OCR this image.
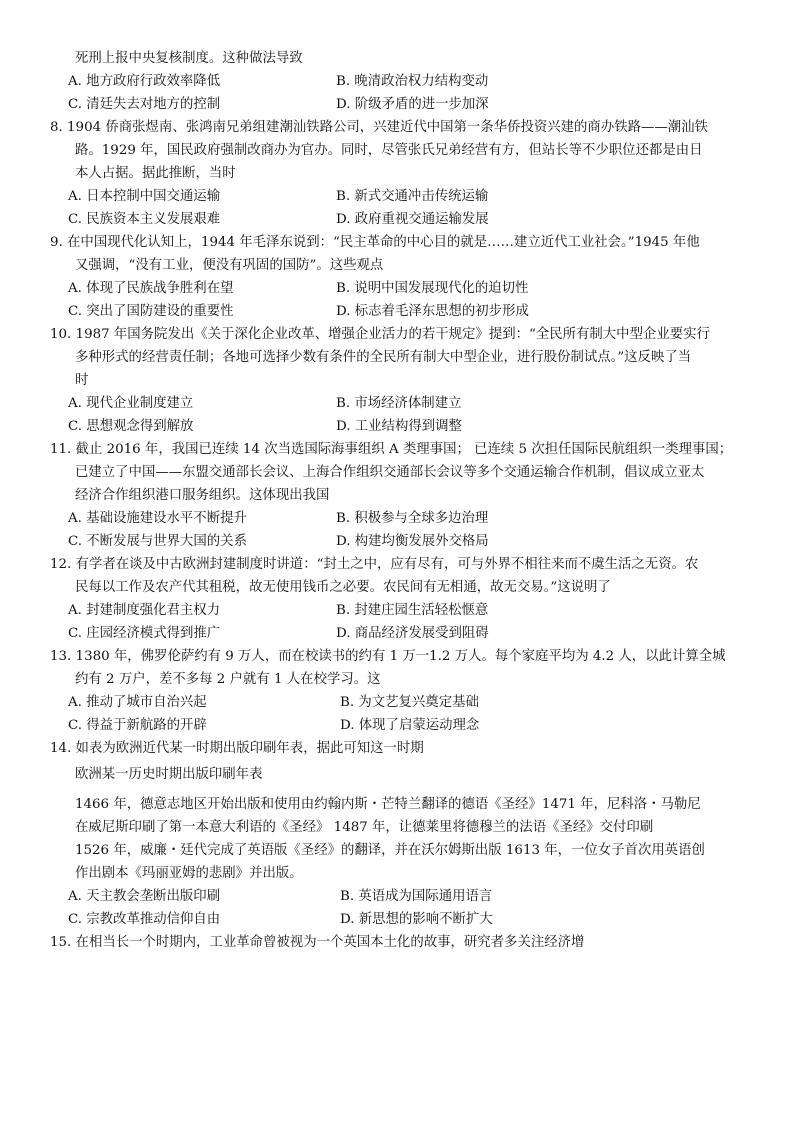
死刑上报中央复核制度。这种做法导致
A. 地方政府行政效率降低	B. 晚清政治权力结构变动
C. 清廷失去对地方的控制	D. 阶级矛盾的进一步加深
8. 1904 侨商张煜南、张鸿南兄弟组建潮汕铁路公司，兴建近代中国第一条华侨投资兴建的商办铁路——潮汕铁
路。1929 年，国民政府强制改商办为官办。同时，尽管张氏兄弟经营有方，但站长等不少职位还都是由日
本人占据。据此推断，当时
A. 日本控制中国交通运输	B. 新式交通冲击传统运输
C. 民族资本主义发展艰难	D. 政府重视交通运输发展
9. 在中国现代化认知上，1944 年毛泽东说到：“民主革命的中心目的就是……建立近代工业社会。”1945 年他
又强调，“没有工业，便没有巩固的国防”。这些观点
A. 体现了民族战争胜利在望	B. 说明中国发展现代化的迫切性
C. 突出了国防建设的重要性	D. 标志着毛泽东思想的初步形成
10. 1987 年国务院发出《关于深化企业改革、增强企业活力的若干规定》提到：“全民所有制大中型企业要实行
多种形式的经营责任制；各地可选择少数有条件的全民所有制大中型企业，进行股份制试点。”这反映了当
时
A. 现代企业制度建立	B. 市场经济体制建立
C. 思想观念得到解放	D. 工业结构得到调整
11. 截止 2016 年，我国已连续 14 次当选国际海事组织 A 类理事国； 已连续 5 次担任国际民航组织一类理事国；
已建立了中国——东盟交通部长会议、上海合作组织交通部长会议等多个交通运输合作机制，倡议成立亚太
经济合作组织港口服务组织。这体现出我国
A. 基础设施建设水平不断提升	B. 积极参与全球多边治理
C. 不断发展与世界大国的关系	D. 构建均衡发展外交格局
12. 有学者在谈及中古欧洲封建制度时讲道：“封土之中，应有尽有，可与外界不相往来而不虞生活之无资。农
民每以工作及农产代其租税，故无使用钱币之必要。农民间有无相通，故无交易。”这说明了
A. 封建制度强化君主权力	B. 封建庄园生活轻松惬意
C. 庄园经济模式得到推广	D. 商品经济发展受到阻碍
13. 1380 年，佛罗伦萨约有 9 万人，而在校读书的约有 1 万一1.2 万人。每个家庭平均为 4.2 人，以此计算全城
约有 2 万户，差不多每 2 户就有 1 人在校学习。这
A. 推动了城市自治兴起	B. 为文艺复兴奠定基础
C. 得益于新航路的开辟	D. 体现了启蒙运动理念
14. 如表为欧洲近代某一时期出版印刷年表，据此可知这一时期
欧洲某一历史时期出版印刷年表
1466 年，德意志地区开始出版和使用由约翰内斯・芒特兰翻译的德语《圣经》1471 年，尼科洛・马勒尼
在威尼斯印刷了第一本意大利语的《圣经》 1487 年，让德莱里将德穆兰的法语《圣经》交付印刷
1526 年，威廉・廷代完成了英语版《圣经》的翻译，并在沃尔姆斯出版 1613 年，一位女子首次用英语创
作出剧本《玛丽亚姆的悲剧》并出版。
A. 天主教会垄断出版印刷	B. 英语成为国际通用语言
C. 宗教改革推动信仰自由	D. 新思想的影响不断扩大
15. 在相当长一个时期内，工业革命曾被视为一个英国本土化的故事，研究者多关注经济增
